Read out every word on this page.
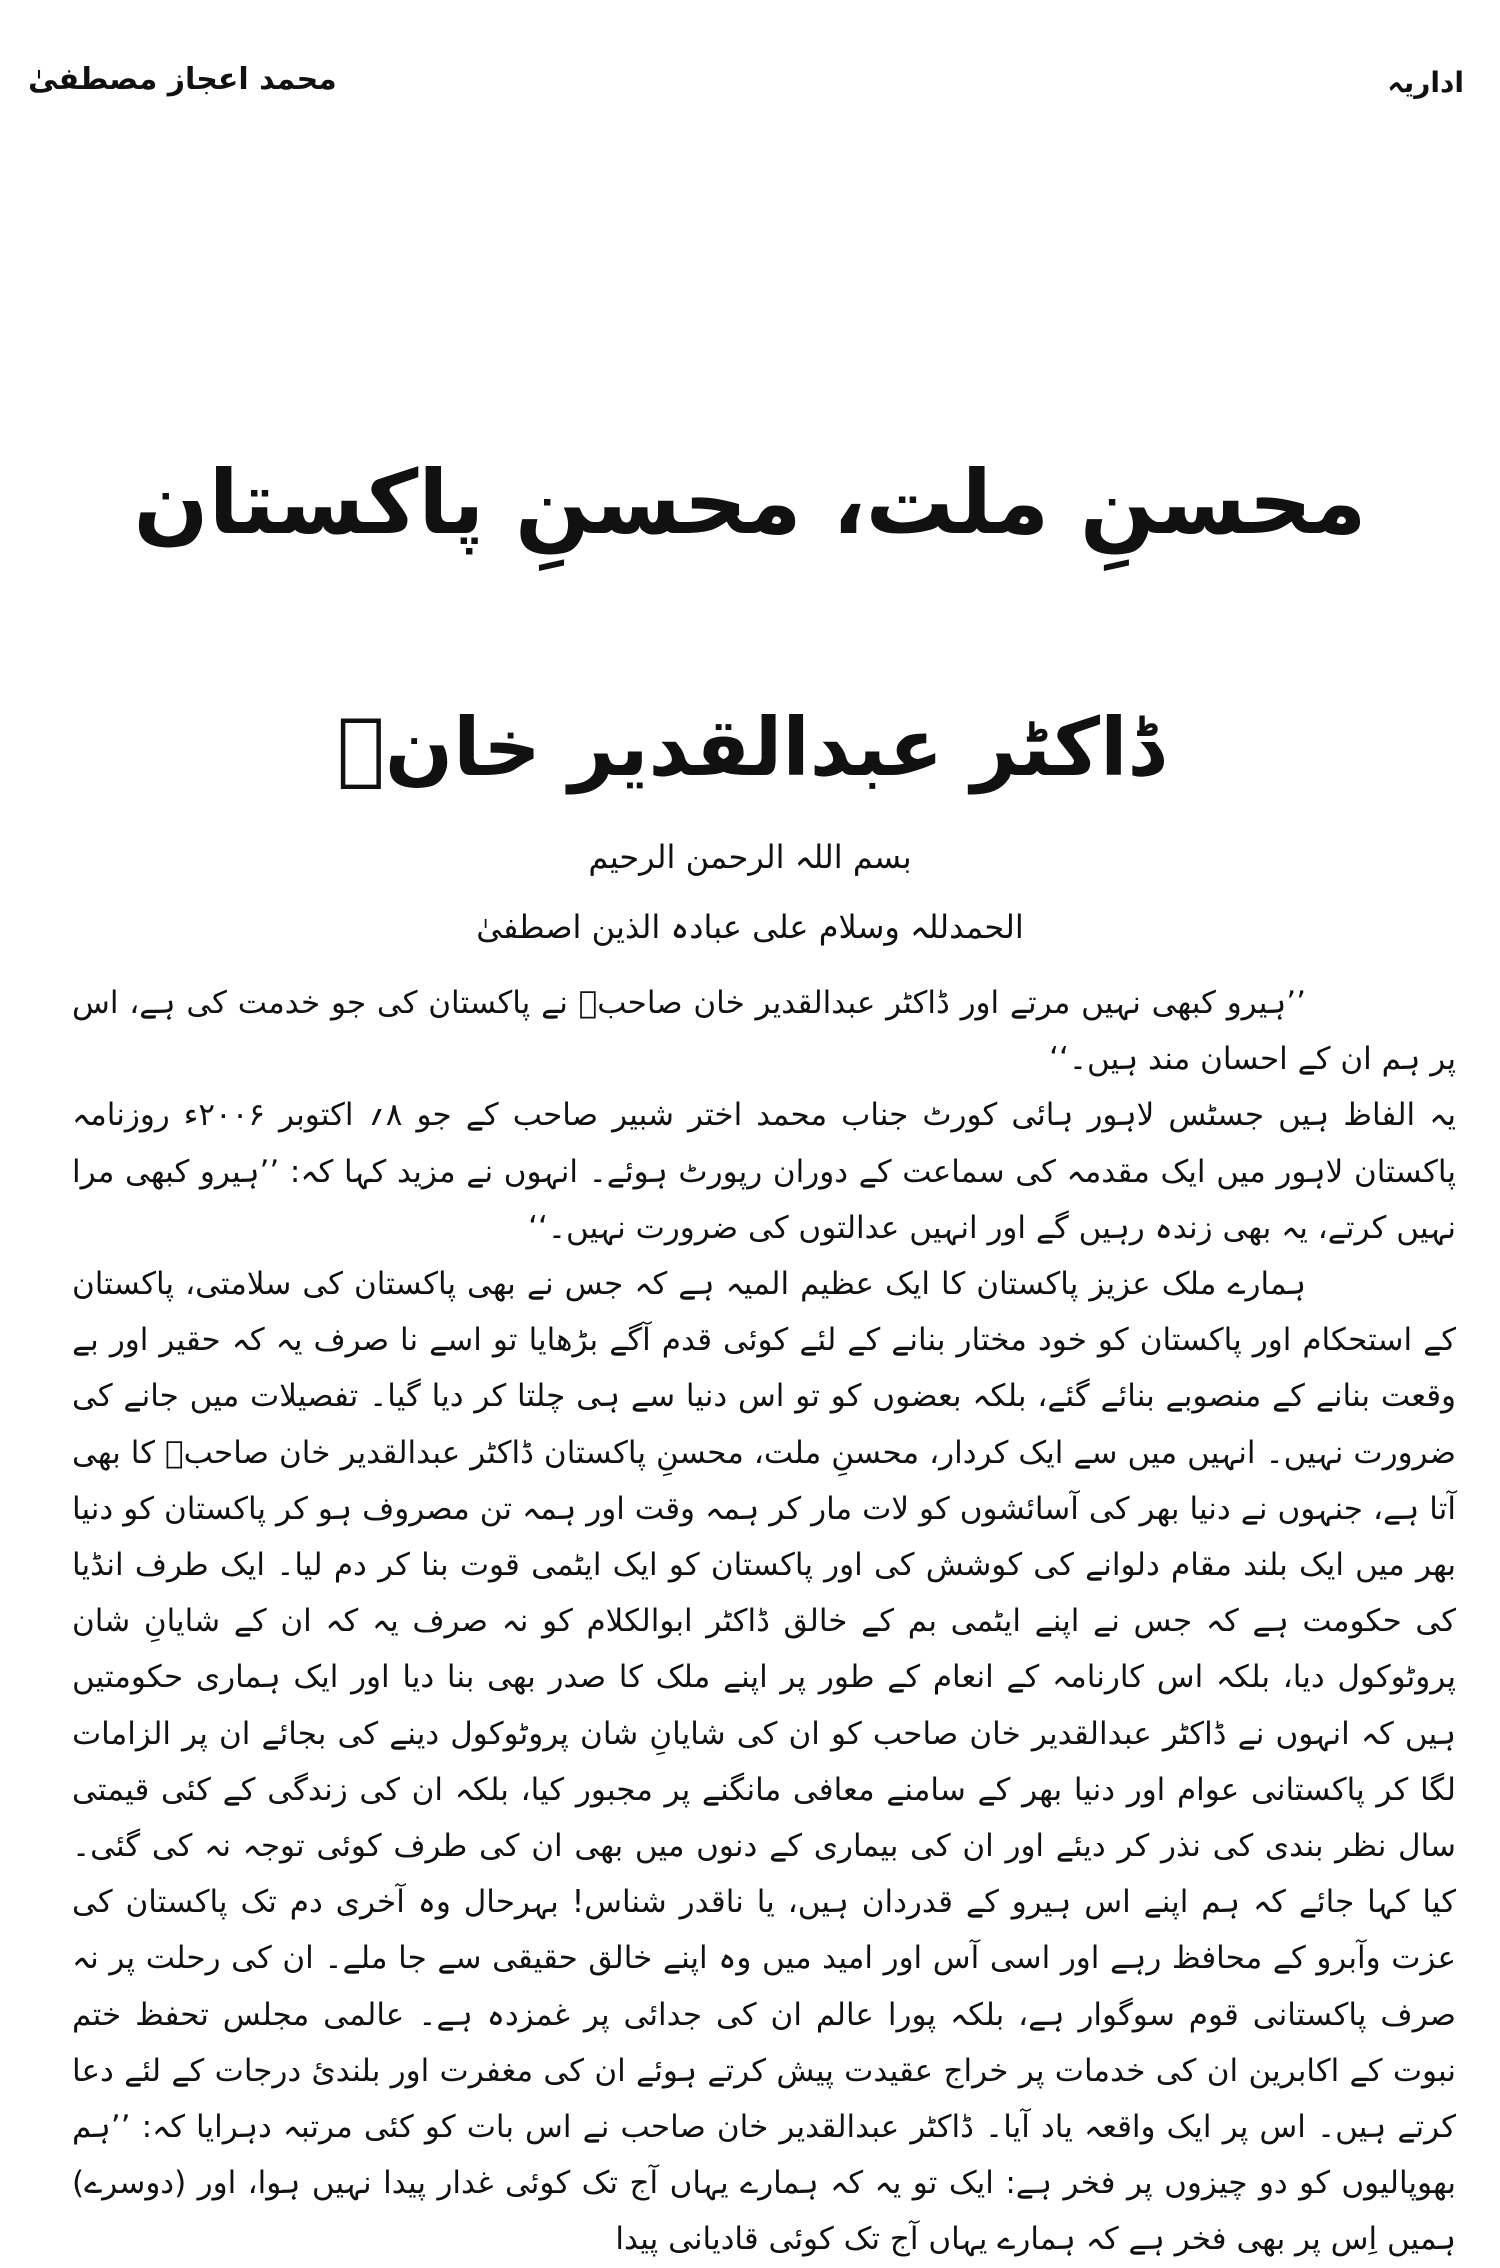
محمد اعجاز مصطفیٰ	اداریہ
محسنِ ملت، محسنِ پاکستان
ڈاکٹر عبدالقدیر خانؒ
بسم اللہ الرحمن الرحیم
الحمدللہ وسلام علی عبادہ الذین اصطفیٰ

’’ہیرو کبھی نہیں مرتے اور ڈاکٹر عبدالقدیر خان صاحبؒ نے پاکستان کی جو خدمت کی ہے، اس پر ہم ان کے احسان مند ہیں۔‘‘

یہ الفاظ ہیں جسٹس لاہور ہائی کورٹ جناب محمد اختر شبیر صاحب کے جو ۸؍ اکتوبر ۲۰۰۶ء روزنامہ پاکستان لاہور میں ایک مقدمہ کی سماعت کے دوران رپورٹ ہوئے۔ انہوں نے مزید کہا کہ: ’’ہیرو کبھی مرا نہیں کرتے، یہ بھی زندہ رہیں گے اور انہیں عدالتوں کی ضرورت نہیں۔‘‘

ہمارے ملک عزیز پاکستان کا ایک عظیم المیہ ہے کہ جس نے بھی پاکستان کی سلامتی، پاکستان کے استحکام اور پاکستان کو خود مختار بنانے کے لئے کوئی قدم آگے بڑھایا تو اسے نا صرف یہ کہ حقیر اور بے وقعت بنانے کے منصوبے بنائے گئے، بلکہ بعضوں کو تو اس دنیا سے ہی چلتا کر دیا گیا۔ تفصیلات میں جانے کی ضرورت نہیں۔ انہیں میں سے ایک کردار، محسنِ ملت، محسنِ پاکستان ڈاکٹر عبدالقدیر خان صاحبؒ کا بھی آتا ہے، جنہوں نے دنیا بھر کی آسائشوں کو لات مار کر ہمہ وقت اور ہمہ تن مصروف ہو کر پاکستان کو دنیا بھر میں ایک بلند مقام دلوانے کی کوشش کی اور پاکستان کو ایک ایٹمی قوت بنا کر دم لیا۔ ایک طرف انڈیا کی حکومت ہے کہ جس نے اپنے ایٹمی بم کے خالق ڈاکٹر ابوالکلام کو نہ صرف یہ کہ ان کے شایانِ شان پروٹوکول دیا، بلکہ اس کارنامہ کے انعام کے طور پر اپنے ملک کا صدر بھی بنا دیا اور ایک ہماری حکومتیں ہیں کہ انہوں نے ڈاکٹر عبدالقدیر خان صاحب کو ان کی شایانِ شان پروٹوکول دینے کی بجائے ان پر الزامات لگا کر پاکستانی عوام اور دنیا بھر کے سامنے معافی مانگنے پر مجبور کیا، بلکہ ان کی زندگی کے کئی قیمتی سال نظر بندی کی نذر کر دیئے اور ان کی بیماری کے دنوں میں بھی ان کی طرف کوئی توجہ نہ کی گئی۔ کیا کہا جائے کہ ہم اپنے اس ہیرو کے قدردان ہیں، یا ناقدر شناس! بہرحال وہ آخری دم تک پاکستان کی عزت وآبرو کے محافظ رہے اور اسی آس اور امید میں وہ اپنے خالق حقیقی سے جا ملے۔ ان کی رحلت پر نہ صرف پاکستانی قوم سوگوار ہے، بلکہ پورا عالم ان کی جدائی پر غمزدہ ہے۔ عالمی مجلس تحفظ ختم نبوت کے اکابرین ان کی خدمات پر خراج عقیدت پیش کرتے ہوئے ان کی مغفرت اور بلندیٔ درجات کے لئے دعا کرتے ہیں۔ اس پر ایک واقعہ یاد آیا۔ ڈاکٹر عبدالقدیر خان صاحب نے اس بات کو کئی مرتبہ دہرایا کہ: ’’ہم بھوپالیوں کو دو چیزوں پر فخر ہے: ایک تو یہ کہ ہمارے یہاں آج تک کوئی غدار پیدا نہیں ہوا، اور (دوسرے) ہمیں اِس پر بھی فخر ہے کہ ہمارے یہاں آج تک کوئی قادیانی پیدا
